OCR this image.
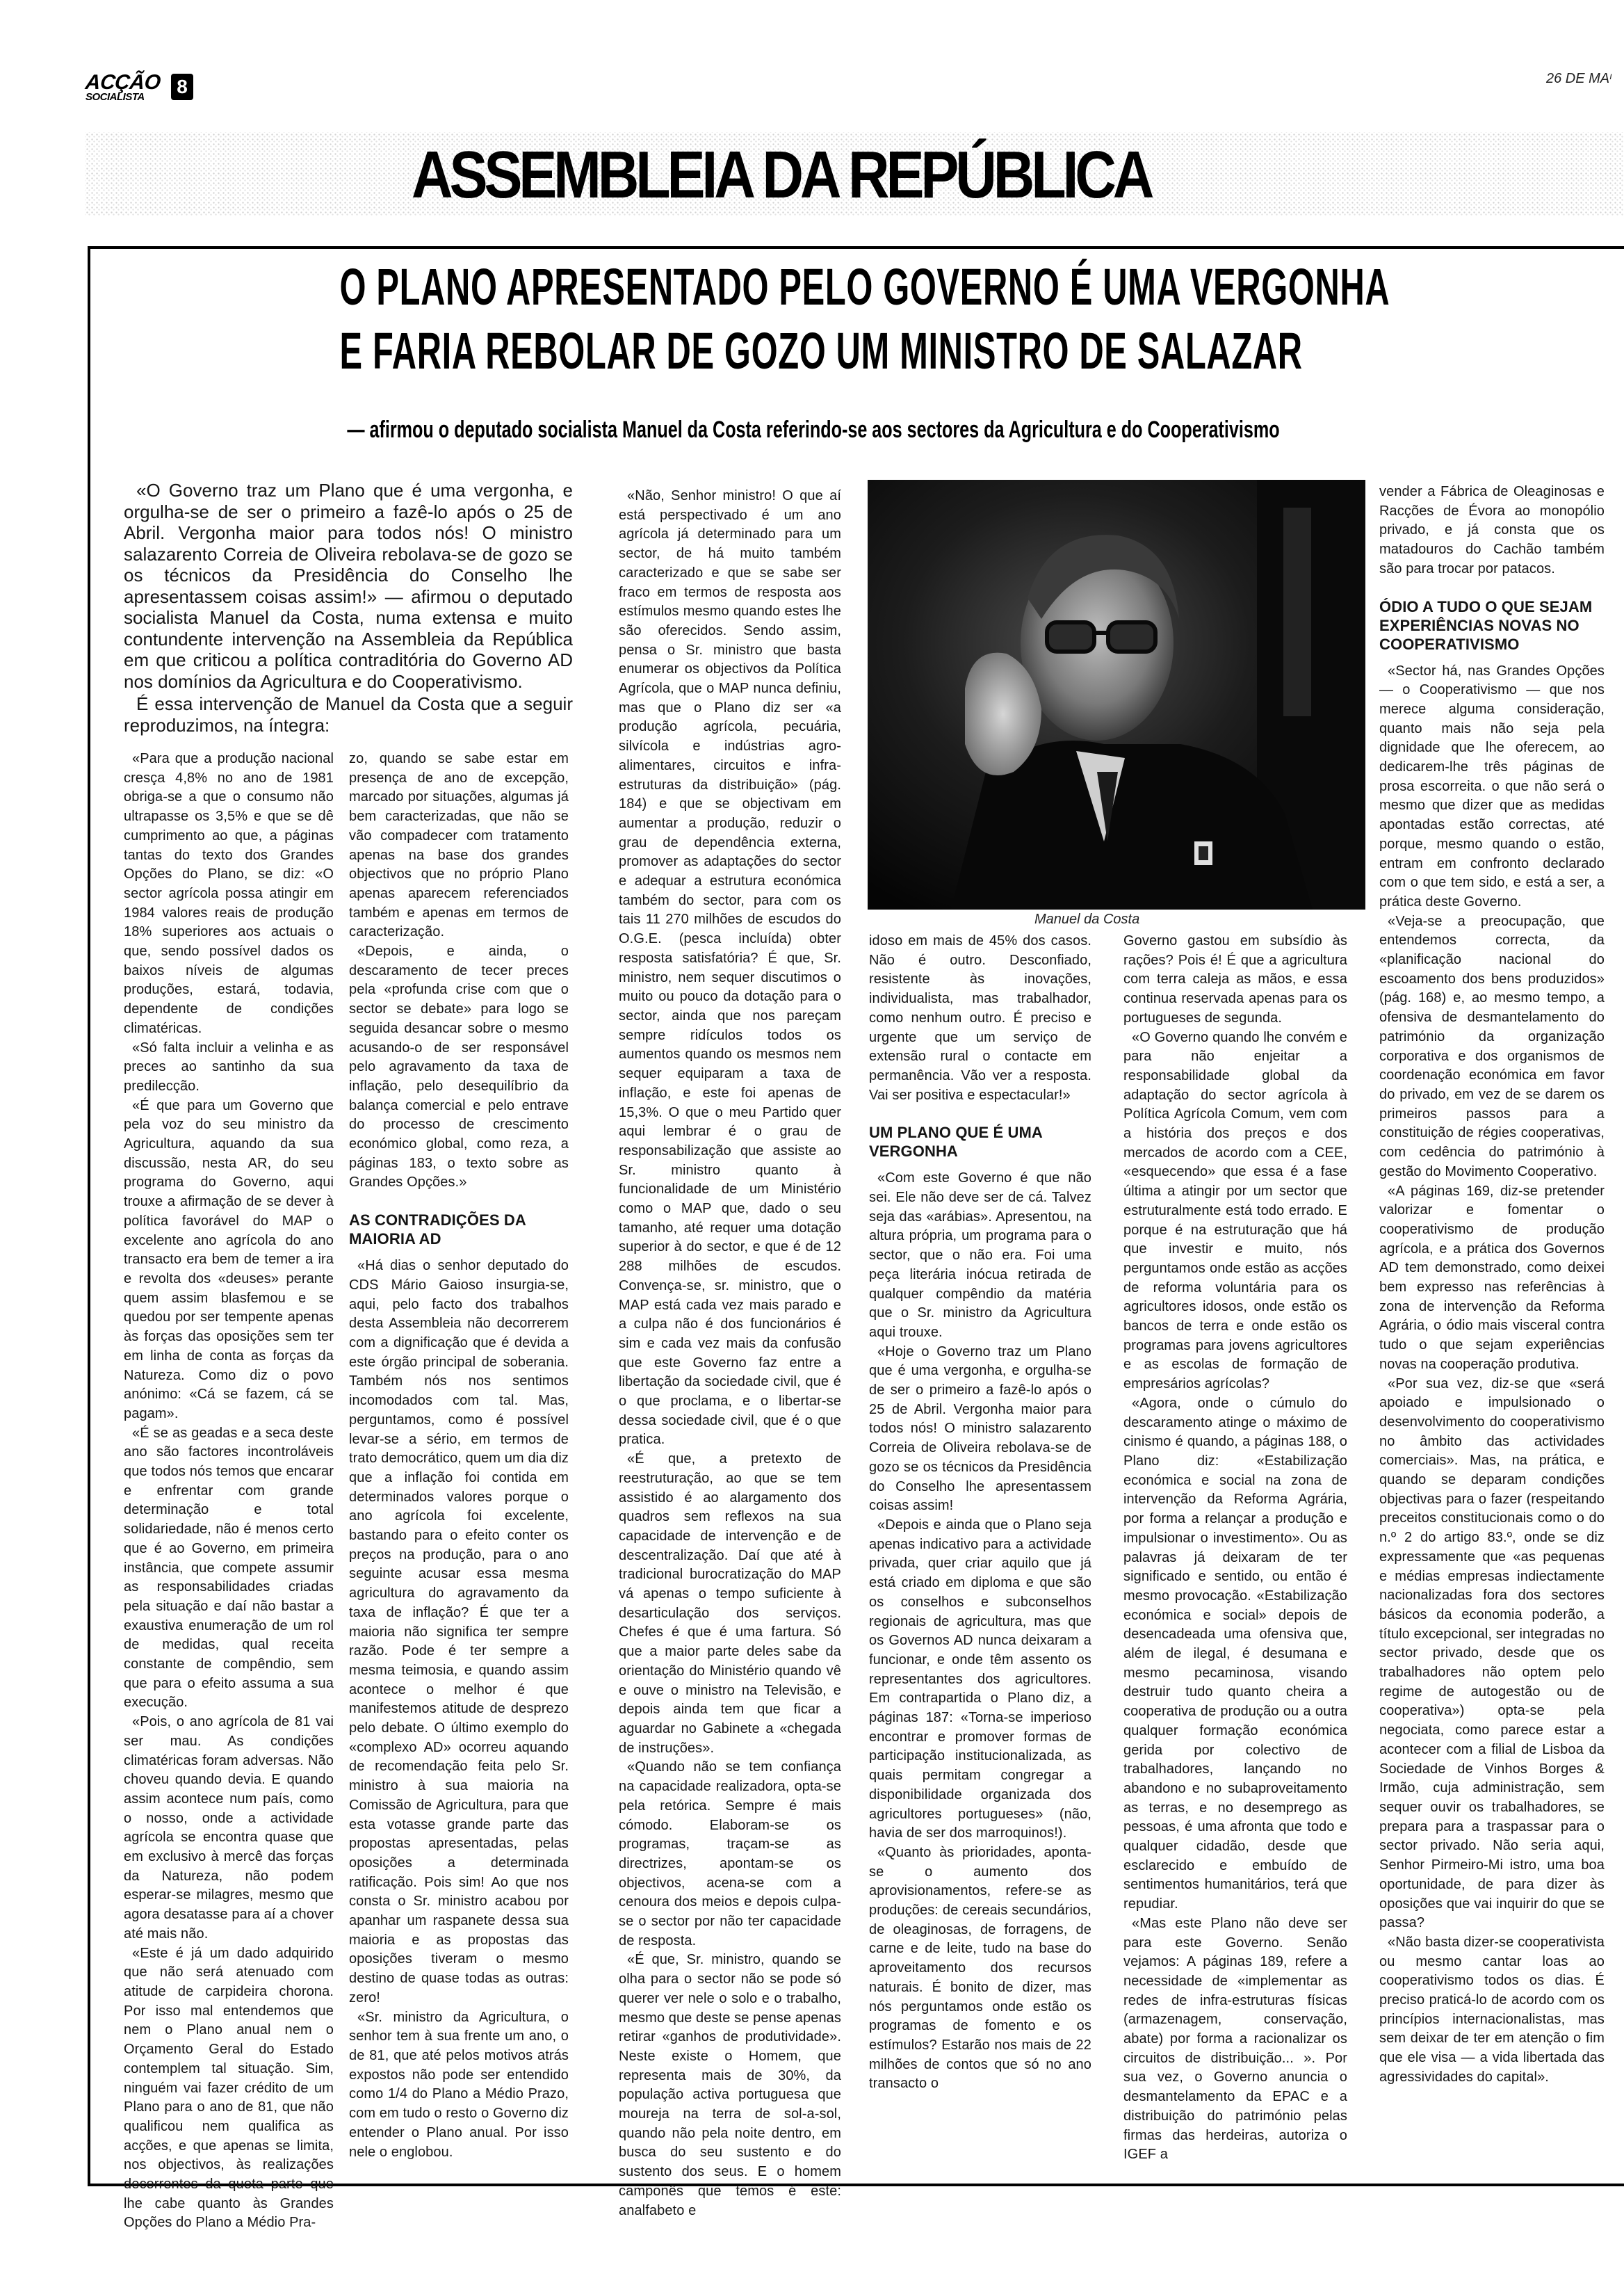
ACÇÃO
SOCIALISTA	8	26 DE MAᶦ
ASSEMBLEIA DA REPÚBLICA
O PLANO APRESENTADO PELO GOVERNO É UMA VERGONHA
E FARIA REBOLAR DE GOZO UM MINISTRO DE SALAZAR
— afirmou o deputado socialista Manuel da Costa referindo-se aos sectores da Agricultura e do Cooperativismo

«O Governo traz um Plano que é uma vergonha, e orgulha-se de ser o primeiro a fazê-lo após o 25 de Abril. Vergonha maior para todos nós! O ministro salazarento Correia de Oliveira rebolava-se de gozo se os técnicos da Presidência do Conselho lhe apresentassem coisas assim!» — afirmou o deputado socialista Manuel da Costa, numa extensa e muito contundente intervenção na Assembleia da República em que criticou a política contraditória do Governo AD nos domínios da Agricultura e do Cooperativismo.

É essa intervenção de Manuel da Costa que a seguir reproduzimos, na íntegra:

«Para que a produção nacional cresça 4,8% no ano de 1981 obriga-se a que o consumo não ultrapasse os 3,5% e que se dê cumprimento ao que, a páginas tantas do texto dos Grandes Opções do Plano, se diz: «O sector agrícola possa atingir em 1984 valores reais de produção 18% superiores aos actuais o que, sendo possível dados os baixos níveis de algumas produções, estará, todavia, dependente de condições climatéricas.

«Só falta incluir a velinha e as preces ao santinho da sua predilecção.

«É que para um Governo que pela voz do seu ministro da Agricultura, aquando da sua discussão, nesta AR, do seu programa do Governo, aqui trouxe a afirmação de se dever à política favorável do MAP o excelente ano agrícola do ano transacto era bem de temer a ira e revolta dos «deuses» perante quem assim blasfemou e se quedou por ser tempente apenas às forças das oposições sem ter em linha de conta as forças da Natureza. Como diz o povo anónimo: «Cá se fazem, cá se pagam».

«É se as geadas e a seca deste ano são factores incontroláveis que todos nós temos que encarar e enfrentar com grande determinação e total solidariedade, não é menos certo que é ao Governo, em primeira instância, que compete assumir as responsabilidades criadas pela situação e daí não bastar a exaustiva enumeração de um rol de medidas, qual receita constante de compêndio, sem que para o efeito assuma a sua execução.

«Pois, o ano agrícola de 81 vai ser mau. As condições climatéricas foram adversas. Não choveu quando devia. E quando assim acontece num país, como o nosso, onde a actividade agrícola se encontra quase que em exclusivo à mercê das forças da Natureza, não podem esperar-se milagres, mesmo que agora desatasse para aí a chover até mais não.

«Este é já um dado adquirido que não será atenuado com atitude de carpideira chorona. Por isso mal entendemos que nem o Plano anual nem o Orçamento Geral do Estado contemplem tal situação. Sim, ninguém vai fazer crédito de um Plano para o ano de 81, que não qualificou nem qualifica as acções, e que apenas se limita, nos objectivos, às realizações decorrentes da quota parte que lhe cabe quanto às Grandes Opções do Plano a Médio Pra-

zo, quando se sabe estar em presença de ano de excepção, marcado por situações, algumas já bem caracterizadas, que não se vão compadecer com tratamento apenas na base dos grandes objectivos que no próprio Plano apenas aparecem referenciados também e apenas em termos de caracterização.

«Depois, e ainda, o descaramento de tecer preces pela «profunda crise com que o sector se debate» para logo se seguida desancar sobre o mesmo acusando-o de ser responsável pelo agravamento da taxa de inflação, pelo desequilíbrio da balança comercial e pelo entrave do processo de crescimento económico global, como reza, a páginas 183, o texto sobre as Grandes Opções.»

AS CONTRADIÇÕES DA MAIORIA AD

«Há dias o senhor deputado do CDS Mário Gaioso insurgia-se, aqui, pelo facto dos trabalhos desta Assembleia não decorrerem com a dignificação que é devida a este órgão principal de soberania. Também nós nos sentimos incomodados com tal. Mas, perguntamos, como é possível levar-se a sério, em termos de trato democrático, quem um dia diz que a inflação foi contida em determinados valores porque o ano agrícola foi excelente, bastando para o efeito conter os preços na produção, para o ano seguinte acusar essa mesma agricultura do agravamento da taxa de inflação? É que ter a maioria não significa ter sempre razão. Pode é ter sempre a mesma teimosia, e quando assim acontece o melhor é que manifestemos atitude de desprezo pelo debate. O último exemplo do «complexo AD» ocorreu aquando de recomendação feita pelo Sr. ministro à sua maioria na Comissão de Agricultura, para que esta votasse grande parte das propostas apresentadas, pelas oposições a determinada ratificação. Pois sim! Ao que nos consta o Sr. ministro acabou por apanhar um raspanete dessa sua maioria e as propostas das oposições tiveram o mesmo destino de quase todas as outras: zero!

«Sr. ministro da Agricultura, o senhor tem à sua frente um ano, o de 81, que até pelos motivos atrás expostos não pode ser entendido como 1/4 do Plano a Médio Prazo, com em tudo o resto o Governo diz entender o Plano anual. Por isso nele o englobou.

«Não, Senhor ministro! O que aí está perspectivado é um ano agrícola já determinado para um sector, de há muito também caracterizado e que se sabe ser fraco em termos de resposta aos estímulos mesmo quando estes lhe são oferecidos. Sendo assim, pensa o Sr. ministro que basta enumerar os objectivos da Política Agrícola, que o MAP nunca definiu, mas que o Plano diz ser «a produção agrícola, pecuária, silvícola e indústrias agro-alimentares, circuitos e infra-estruturas da distribuição» (pág. 184) e que se objectivam em aumentar a produção, reduzir o grau de dependência externa, promover as adaptações do sector e adequar a estrutura económica também do sector, para com os tais 11 270 milhões de escudos do O.G.E. (pesca incluída) obter resposta satisfatória? É que, Sr. ministro, nem sequer discutimos o muito ou pouco da dotação para o sector, ainda que nos pareçam sempre ridículos todos os aumentos quando os mesmos nem sequer equiparam a taxa de inflação, e este foi apenas de 15,3%. O que o meu Partido quer aqui lembrar é o grau de responsabilização que assiste ao Sr. ministro quanto à funcionalidade de um Ministério como o MAP que, dado o seu tamanho, até requer uma dotação superior à do sector, e que é de 12 288 milhões de escudos. Convença-se, sr. ministro, que o MAP está cada vez mais parado e a culpa não é dos funcionários é sim e cada vez mais da confusão que este Governo faz entre a libertação da sociedade civil, que é o que proclama, e o libertar-se dessa sociedade civil, que é o que pratica.

«É que, a pretexto de reestruturação, ao que se tem assistido é ao alargamento dos quadros sem reflexos na sua capacidade de intervenção e de descentralização. Daí que até à tradicional burocratização do MAP vá apenas o tempo suficiente à desarticulação dos serviços. Chefes é que é uma fartura. Só que a maior parte deles sabe da orientação do Ministério quando vê e ouve o ministro na Televisão, e depois ainda tem que ficar a aguardar no Gabinete a «chegada de instruções».

«Quando não se tem confiança na capacidade realizadora, opta-se pela retórica. Sempre é mais cómodo. Elaboram-se os programas, traçam-se as directrizes, apontam-se os objectivos, acena-se com a cenoura dos meios e depois culpa-se o sector por não ter capacidade de resposta.

«É que, Sr. ministro, quando se olha para o sector não se pode só querer ver nele o solo e o trabalho, mesmo que deste se pense apenas retirar «ganhos de produtividade». Neste existe o Homem, que representa mais de 30%, da população activa portuguesa que moureja na terra de sol-a-sol, quando não pela noite dentro, em busca do seu sustento e do sustento dos seus. E o homem camponês que temos é este: analfabeto e

Manuel da Costa

idoso em mais de 45% dos casos. Não é outro. Desconfiado, resistente às inovações, individualista, mas trabalhador, como nenhum outro. É preciso e urgente que um serviço de extensão rural o contacte em permanência. Vão ver a resposta. Vai ser positiva e espectacular!»

UM PLANO QUE É UMA VERGONHA

«Com este Governo é que não sei. Ele não deve ser de cá. Talvez seja das «arábias». Apresentou, na altura própria, um programa para o sector, que o não era. Foi uma peça literária inócua retirada de qualquer compêndio da matéria que o Sr. ministro da Agricultura aqui trouxe.

«Hoje o Governo traz um Plano que é uma vergonha, e orgulha-se de ser o primeiro a fazê-lo após o 25 de Abril. Vergonha maior para todos nós! O ministro salazarento Correia de Oliveira rebolava-se de gozo se os técnicos da Presidência do Conselho lhe apresentassem coisas assim!

«Depois e ainda que o Plano seja apenas indicativo para a actividade privada, quer criar aquilo que já está criado em diploma e que são os conselhos e subconselhos regionais de agricultura, mas que os Governos AD nunca deixaram a funcionar, e onde têm assento os representantes dos agricultores. Em contrapartida o Plano diz, a páginas 187: «Torna-se imperioso encontrar e promover formas de participação institucionalizada, as quais permitam congregar a disponibilidade organizada dos agricultores portugueses» (não, havia de ser dos marroquinos!).

«Quanto às prioridades, aponta-se o aumento dos aprovisionamentos, refere-se as produções: de cereais secundários, de oleaginosas, de forragens, de carne e de leite, tudo na base do aproveitamento dos recursos naturais. É bonito de dizer, mas nós perguntamos onde estão os programas de fomento e os estímulos? Estarão nos mais de 22 milhões de contos que só no ano transacto o

Governo gastou em subsídio às rações? Pois é! É que a agricultura com terra caleja as mãos, e essa continua reservada apenas para os portugueses de segunda.

«O Governo quando lhe convém e para não enjeitar a responsabilidade global da adaptação do sector agrícola à Política Agrícola Comum, vem com a história dos preços e dos mercados de acordo com a CEE, «esquecendo» que essa é a fase última a atingir por um sector que estruturalmente está todo errado. E porque é na estruturação que há que investir e muito, nós perguntamos onde estão as acções de reforma voluntária para os agricultores idosos, onde estão os bancos de terra e onde estão os programas para jovens agricultores e as escolas de formação de empresários agrícolas?

«Agora, onde o cúmulo do descaramento atinge o máximo de cinismo é quando, a páginas 188, o Plano diz: «Estabilização económica e social na zona de intervenção da Reforma Agrária, por forma a relançar a produção e impulsionar o investimento». Ou as palavras já deixaram de ter significado e sentido, ou então é mesmo provocação. «Estabilização económica e social» depois de desencadeada uma ofensiva que, além de ilegal, é desumana e mesmo pecaminosa, visando destruir tudo quanto cheira a cooperativa de produção ou a outra qualquer formação económica gerida por colectivo de trabalhadores, lançando no abandono e no subaproveitamento as terras, e no desemprego as pessoas, é uma afronta que todo e qualquer cidadão, desde que esclarecido e embuído de sentimentos humanitários, terá que repudiar.

«Mas este Plano não deve ser para este Governo. Senão vejamos: A páginas 189, refere a necessidade de «implementar as redes de infra-estruturas físicas (armazenagem, conservação, abate) por forma a racionalizar os circuitos de distribuição... ». Por sua vez, o Governo anuncia o desmantelamento da EPAC e a distribuição do património pelas firmas das herdeiras, autoriza o IGEF a

vender a Fábrica de Oleaginosas e Racções de Évora ao monopólio privado, e já consta que os matadouros do Cachão também são para trocar por patacos.

ÓDIO A TUDO O QUE SEJAM EXPERIÊNCIAS NOVAS NO COOPERATIVISMO

«Sector há, nas Grandes Opções — o Cooperativismo — que nos merece alguma consideração, quanto mais não seja pela dignidade que lhe oferecem, ao dedicarem-lhe três páginas de prosa escorreita. o que não será o mesmo que dizer que as medidas apontadas estão correctas, até porque, mesmo quando o estão, entram em confronto declarado com o que tem sido, e está a ser, a prática deste Governo.

«Veja-se a preocupação, que entendemos correcta, da «planificação nacional do escoamento dos bens produzidos» (pág. 168) e, ao mesmo tempo, a ofensiva de desmantelamento do património da organização corporativa e dos organismos de coordenação económica em favor do privado, em vez de se darem os primeiros passos para a constituição de régies cooperativas, com cedência do património à gestão do Movimento Cooperativo.

«A páginas 169, diz-se pretender valorizar e fomentar o cooperativismo de produção agrícola, e a prática dos Governos AD tem demonstrado, como deixei bem expresso nas referências à zona de intervenção da Reforma Agrária, o ódio mais visceral contra tudo o que sejam experiências novas na cooperação produtiva.

«Por sua vez, diz-se que «será apoiado e impulsionado o desenvolvimento do cooperativismo no âmbito das actividades comerciais». Mas, na prática, e quando se deparam condições objectivas para o fazer (respeitando preceitos constitucionais como o do n.º 2 do artigo 83.º, onde se diz expressamente que «as pequenas e médias empresas indiectamente nacionalizadas fora dos sectores básicos da economia poderão, a título excepcional, ser integradas no sector privado, desde que os trabalhadores não optem pelo regime de autogestão ou de cooperativa») opta-se pela negociata, como parece estar a acontecer com a filial de Lisboa da Sociedade de Vinhos Borges & Irmão, cuja administração, sem sequer ouvir os trabalhadores, se prepara para a traspassar para o sector privado. Não seria aqui, Senhor Pirmeiro-Mi istro, uma boa oportunidade, de para dizer às oposições que vai inquirir do que se passa?

«Não basta dizer-se cooperativista ou mesmo cantar loas ao cooperativismo todos os dias. É preciso praticá-lo de acordo com os princípios internacionalistas, mas sem deixar de ter em atenção o fim que ele visa — a vida libertada das agressividades do capital».
